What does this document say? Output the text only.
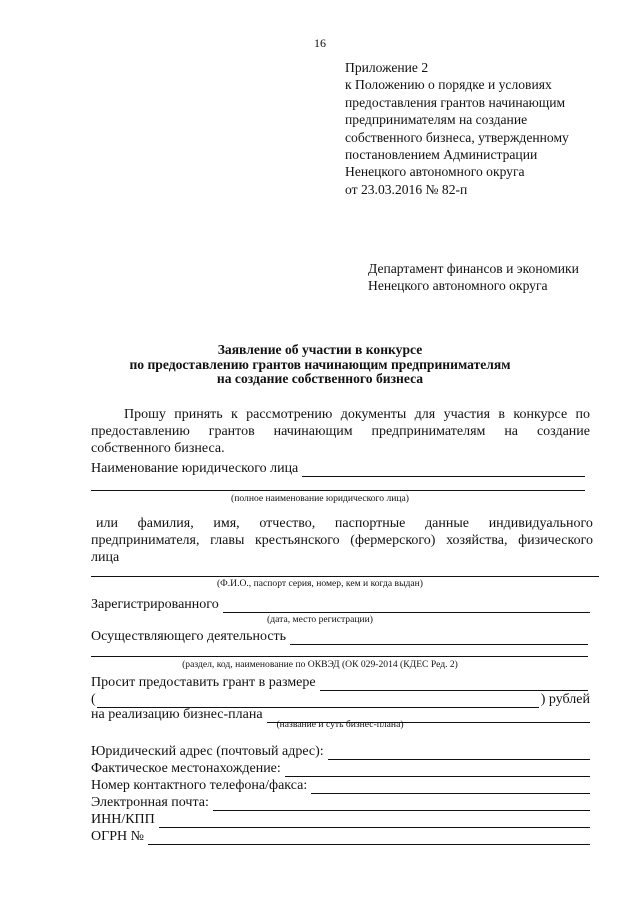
16
Приложение 2
к Положению о порядке и условиях
предоставления грантов начинающим
предпринимателям на создание
собственного бизнеса, утвержденному
постановлением Администрации
Ненецкого автономного округа
от 23.03.2016 № 82-п
Департамент финансов и экономики
Ненецкого автономного округа
Заявление об участии в конкурсе
по предоставлению грантов начинающим предпринимателям
на создание собственного бизнеса
Прошу принять к рассмотрению документы для участия в конкурсе по
предоставлению грантов начинающим предпринимателям на создание
собственного бизнеса.
Наименование юридического лица
(полное наименование юридического лица)
или фамилия, имя, отчество, паспортные данные индивидуального
предпринимателя, главы крестьянского (фермерского) хозяйства, физического
лица
(Ф.И.О., паспорт серия, номер, кем и когда выдан)
Зарегистрированного
(дата, место регистрации)
Осуществляющего деятельность
(раздел, код, наименование по ОКВЭД (ОК 029-2014 (КДЕС Ред. 2)
Просит предоставить грант в размере
(	) рублей
на реализацию бизнес-плана
(название и суть бизнес-плана)
Юридический адрес (почтовый адрес):
Фактическое местонахождение:
Номер контактного телефона/факса:
Электронная почта:
ИНН/КПП
ОГРН №
